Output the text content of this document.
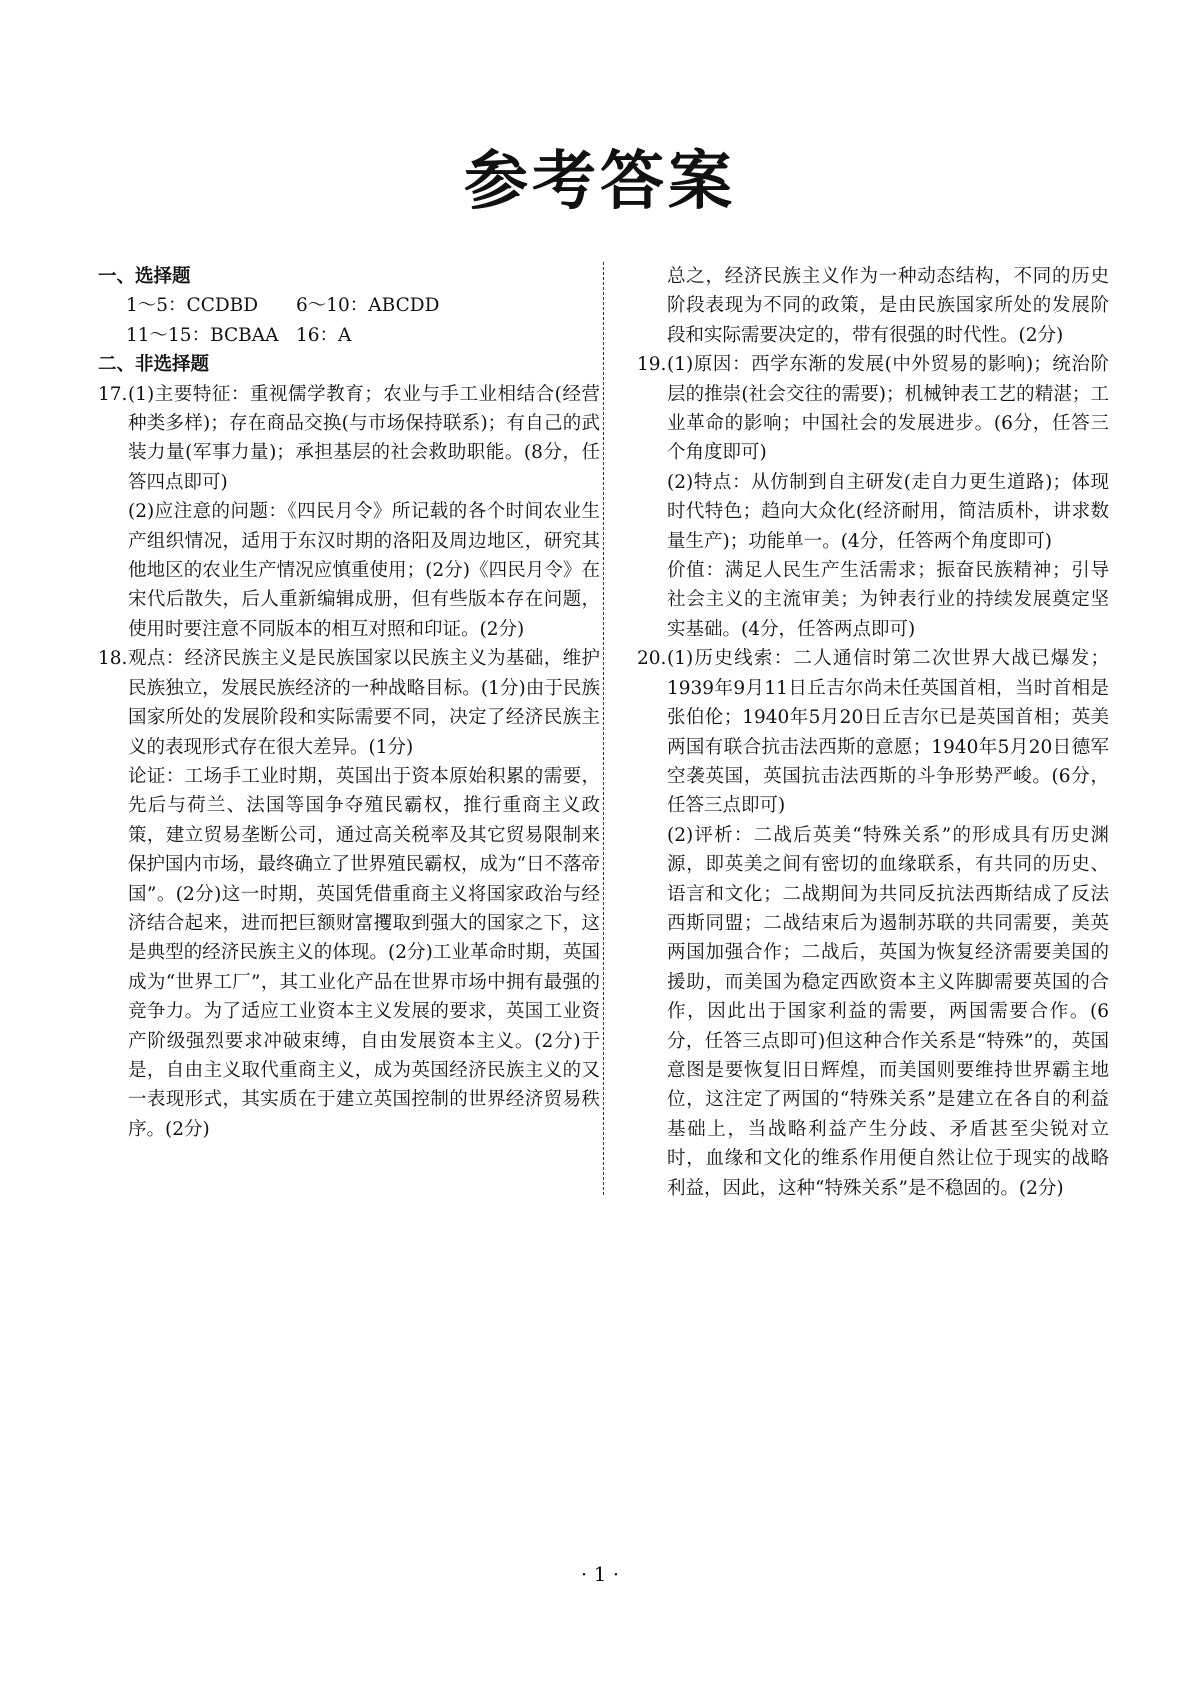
参考答案

一、选择题

1～5：CCDBD	6～10：ABCDD
11～15：BCBAA 16：A

二、非选择题

17. (1)主要特征：重视儒学教育；农业与手工业相结合(经营种类多样)；存在商品交换(与市场保持联系)；有自己的武装力量(军事力量)；承担基层的社会救助职能。(8分，任答四点即可)

(2)应注意的问题：《四民月令》所记载的各个时间农业生产组织情况，适用于东汉时期的洛阳及周边地区，研究其他地区的农业生产情况应慎重使用；(2分)《四民月令》在宋代后散失，后人重新编辑成册，但有些版本存在问题，使用时要注意不同版本的相互对照和印证。(2分)

18. 观点：经济民族主义是民族国家以民族主义为基础，维护民族独立，发展民族经济的一种战略目标。(1分)由于民族国家所处的发展阶段和实际需要不同，决定了经济民族主义的表现形式存在很大差异。(1分)

论证：工场手工业时期，英国出于资本原始积累的需要，先后与荷兰、法国等国争夺殖民霸权，推行重商主义政策，建立贸易垄断公司，通过高关税率及其它贸易限制来保护国内市场，最终确立了世界殖民霸权，成为“日不落帝国”。(2分)这一时期，英国凭借重商主义将国家政治与经济结合起来，进而把巨额财富攫取到强大的国家之下，这是典型的经济民族主义的体现。(2分)工业革命时期，英国成为“世界工厂”，其工业化产品在世界市场中拥有最强的竞争力。为了适应工业资本主义发展的要求，英国工业资产阶级强烈要求冲破束缚，自由发展资本主义。(2分)于是，自由主义取代重商主义，成为英国经济民族主义的又一表现形式，其实质在于建立英国控制的世界经济贸易秩序。(2分)

总之，经济民族主义作为一种动态结构，不同的历史阶段表现为不同的政策，是由民族国家所处的发展阶段和实际需要决定的，带有很强的时代性。(2分)

19. (1)原因：西学东渐的发展(中外贸易的影响)；统治阶层的推崇(社会交往的需要)；机械钟表工艺的精湛；工业革命的影响；中国社会的发展进步。(6分，任答三个角度即可)

(2)特点：从仿制到自主研发(走自力更生道路)；体现时代特色；趋向大众化(经济耐用，简洁质朴，讲求数量生产)；功能单一。(4分，任答两个角度即可)

价值：满足人民生产生活需求；振奋民族精神；引导社会主义的主流审美；为钟表行业的持续发展奠定坚实基础。(4分，任答两点即可)

20. (1)历史线索：二人通信时第二次世界大战已爆发；1939年9月11日丘吉尔尚未任英国首相，当时首相是张伯伦；1940年5月20日丘吉尔已是英国首相；英美两国有联合抗击法西斯的意愿；1940年5月20日德军空袭英国，英国抗击法西斯的斗争形势严峻。(6分，任答三点即可)

(2)评析：二战后英美“特殊关系”的形成具有历史渊源，即英美之间有密切的血缘联系，有共同的历史、语言和文化；二战期间为共同反抗法西斯结成了反法西斯同盟；二战结束后为遏制苏联的共同需要，美英两国加强合作；二战后，英国为恢复经济需要美国的援助，而美国为稳定西欧资本主义阵脚需要英国的合作，因此出于国家利益的需要，两国需要合作。(6分，任答三点即可)但这种合作关系是“特殊”的，英国意图是要恢复旧日辉煌，而美国则要维持世界霸主地位，这注定了两国的“特殊关系”是建立在各自的利益基础上，当战略利益产生分歧、矛盾甚至尖锐对立时，血缘和文化的维系作用便自然让位于现实的战略利益，因此，这种“特殊关系”是不稳固的。(2分)

· 1 ·
